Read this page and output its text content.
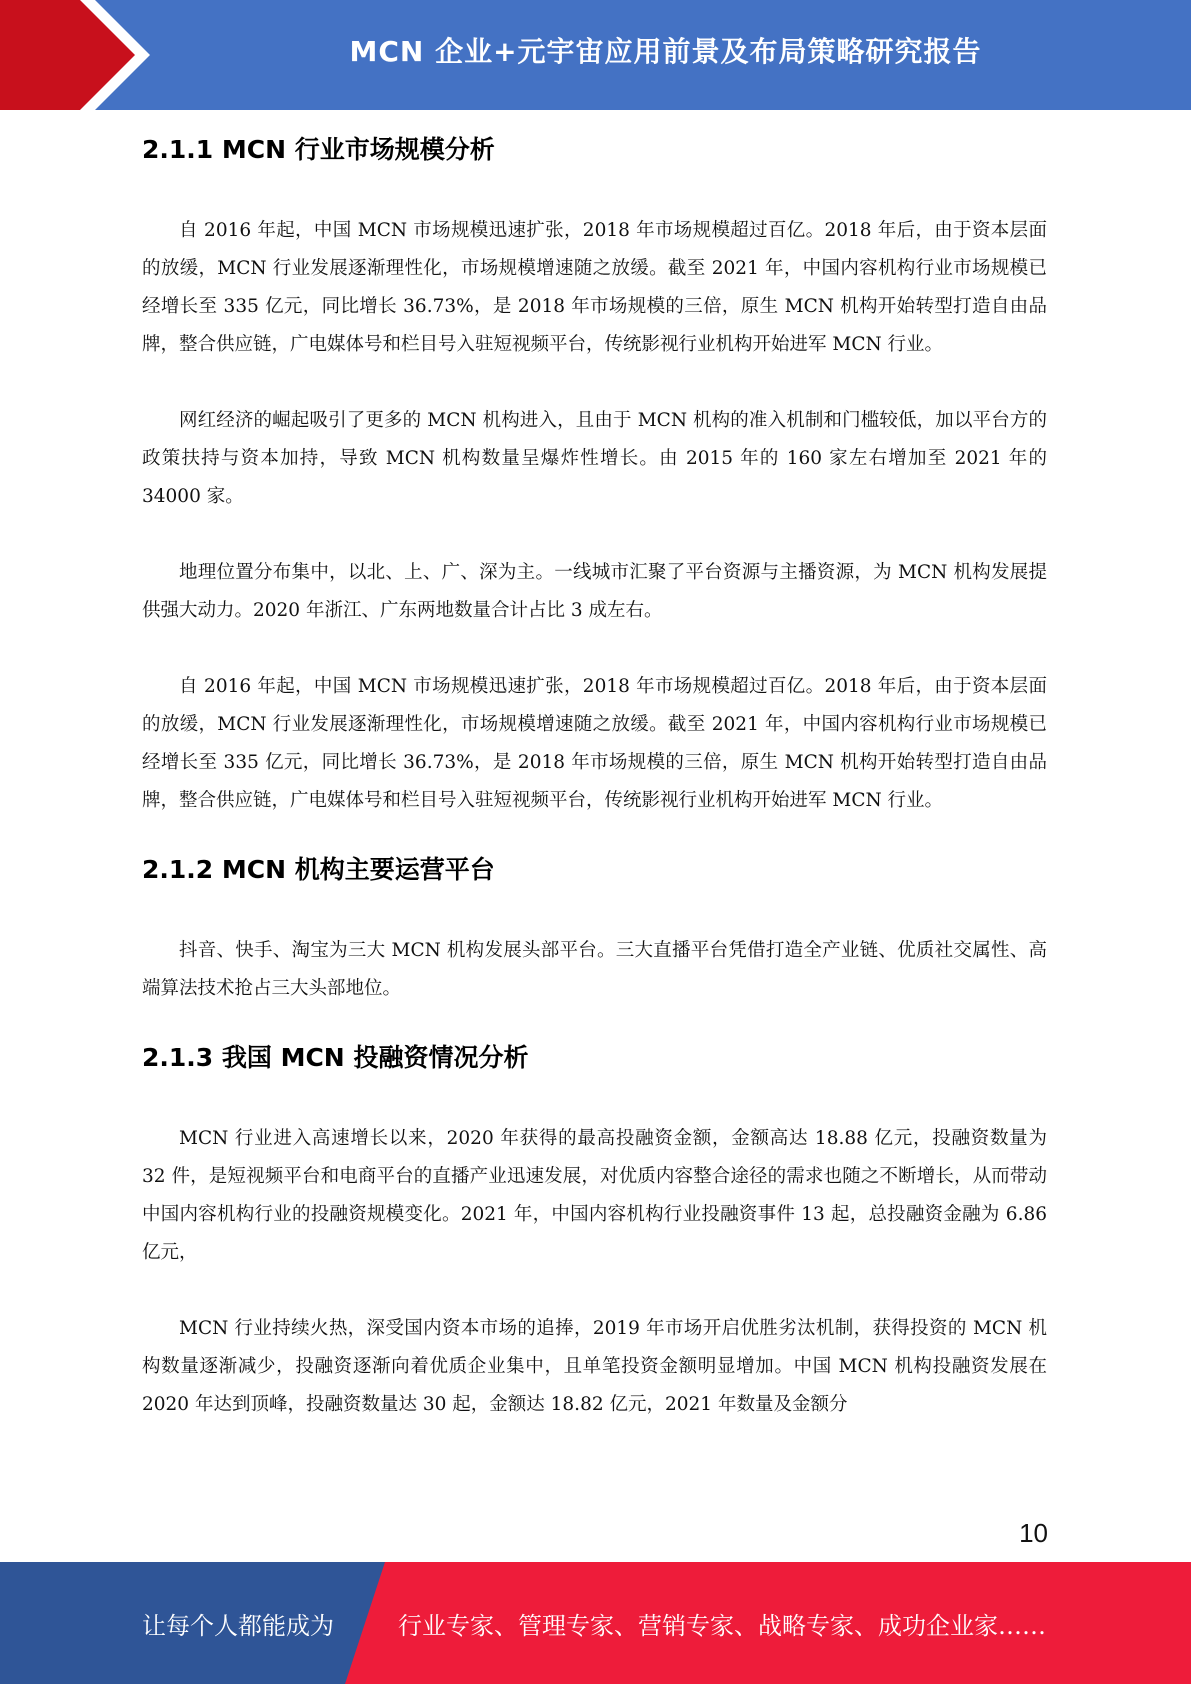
MCN 企业+元宇宙应用前景及布局策略研究报告
2.1.1 MCN 行业市场规模分析

自 2016 年起，中国 MCN 市场规模迅速扩张，2018 年市场规模超过百亿。2018 年后，由于资本层面的放缓，MCN 行业发展逐渐理性化，市场规模增速随之放缓。截至 2021 年，中国内容机构行业市场规模已经增长至 335 亿元，同比增长 36.73%，是 2018 年市场规模的三倍，原生 MCN 机构开始转型打造自由品牌，整合供应链，广电媒体号和栏目号入驻短视频平台，传统影视行业机构开始进军 MCN 行业。

网红经济的崛起吸引了更多的 MCN 机构进入，且由于 MCN 机构的准入机制和门槛较低，加以平台方的政策扶持与资本加持，导致 MCN 机构数量呈爆炸性增长。由 2015 年的 160 家左右增加至 2021 年的 34000 家。

地理位置分布集中，以北、上、广、深为主。一线城市汇聚了平台资源与主播资源，为 MCN 机构发展提供强大动力。2020 年浙江、广东两地数量合计占比 3 成左右。

自 2016 年起，中国 MCN 市场规模迅速扩张，2018 年市场规模超过百亿。2018 年后，由于资本层面的放缓，MCN 行业发展逐渐理性化，市场规模增速随之放缓。截至 2021 年，中国内容机构行业市场规模已经增长至 335 亿元，同比增长 36.73%，是 2018 年市场规模的三倍，原生 MCN 机构开始转型打造自由品牌，整合供应链，广电媒体号和栏目号入驻短视频平台，传统影视行业机构开始进军 MCN 行业。

2.1.2 MCN 机构主要运营平台

抖音、快手、淘宝为三大 MCN 机构发展头部平台。三大直播平台凭借打造全产业链、优质社交属性、高端算法技术抢占三大头部地位。

2.1.3 我国 MCN 投融资情况分析

MCN 行业进入高速增长以来，2020 年获得的最高投融资金额，金额高达 18.88 亿元，投融资数量为 32 件，是短视频平台和电商平台的直播产业迅速发展，对优质内容整合途径的需求也随之不断增长，从而带动中国内容机构行业的投融资规模变化。2021 年，中国内容机构行业投融资事件 13 起，总投融资金融为 6.86 亿元，

MCN 行业持续火热，深受国内资本市场的追捧，2019 年市场开启优胜劣汰机制，获得投资的 MCN 机构数量逐渐减少，投融资逐渐向着优质企业集中，且单笔投资金额明显增加。中国 MCN 机构投融资发展在 2020 年达到顶峰，投融资数量达 30 起，金额达 18.82 亿元，2021 年数量及金额分

10
让每个人都能成为	行业专家、管理专家、营销专家、战略专家、成功企业家……
